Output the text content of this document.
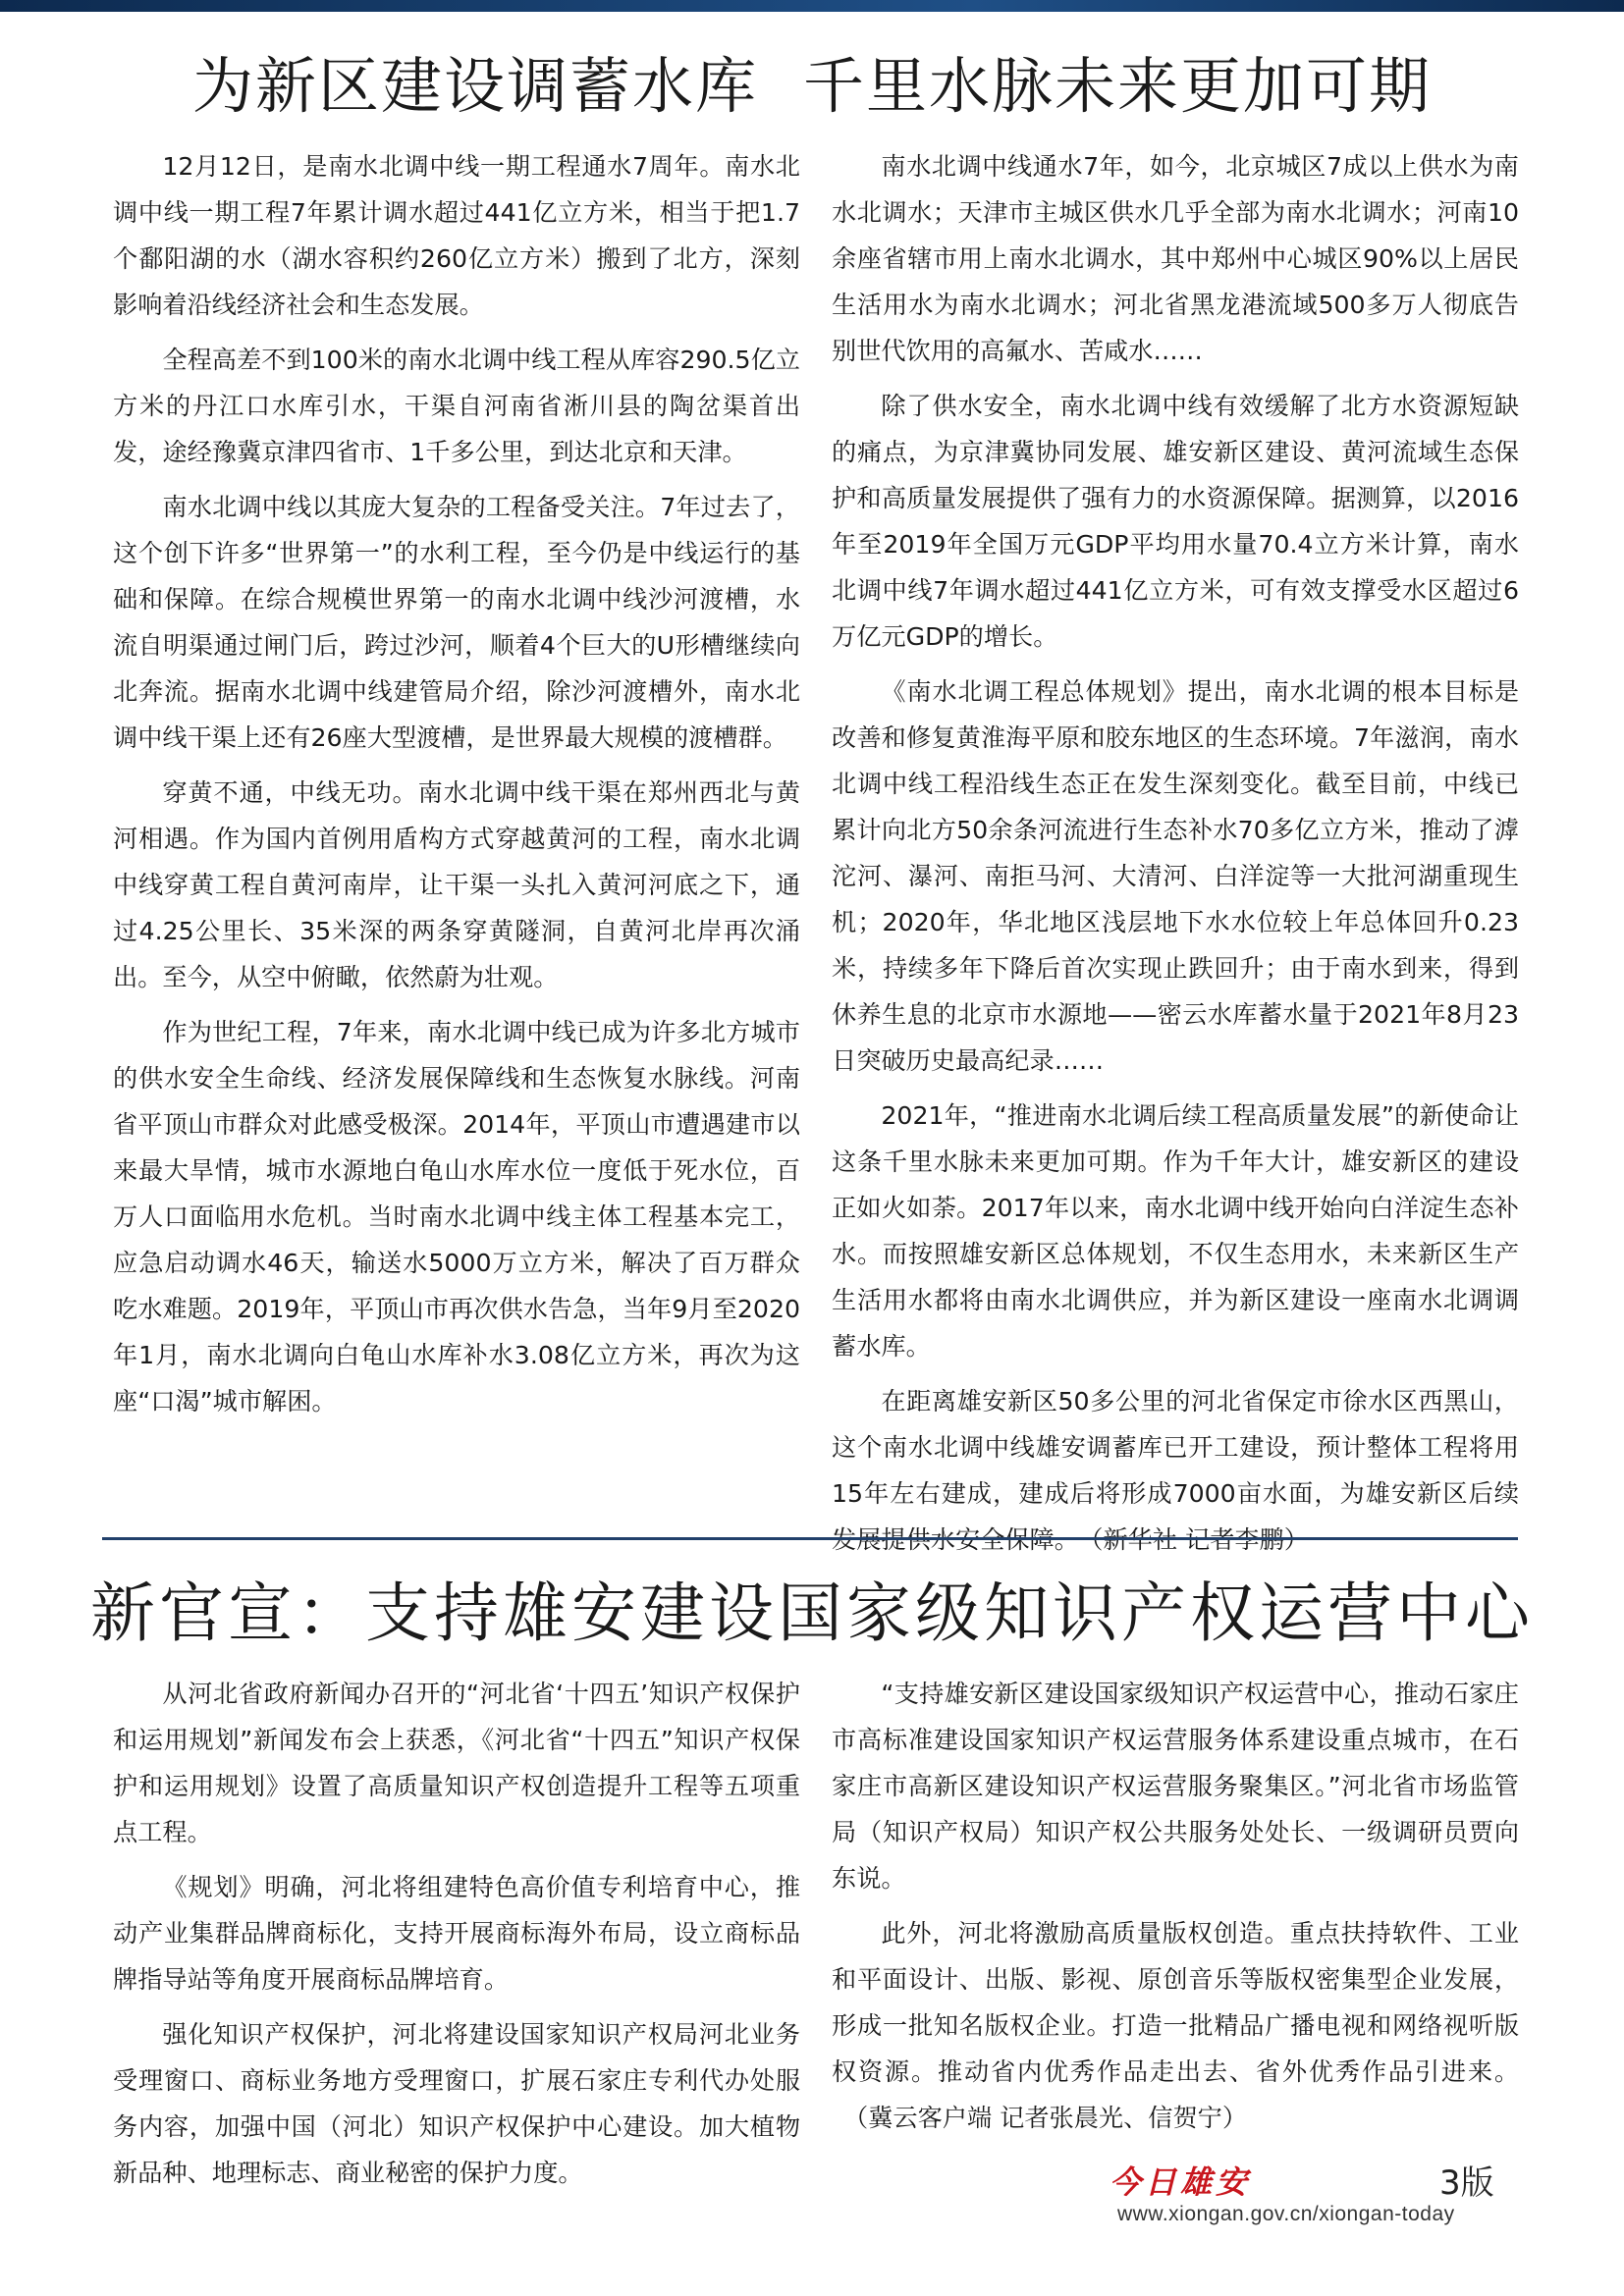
为新区建设调蓄水库 千里水脉未来更加可期

12月12日，是南水北调中线一期工程通水7周年。南水北调中线一期工程7年累计调水超过441亿立方米，相当于把1.7个鄱阳湖的水（湖水容积约260亿立方米）搬到了北方，深刻影响着沿线经济社会和生态发展。

全程高差不到100米的南水北调中线工程从库容290.5亿立方米的丹江口水库引水，干渠自河南省淅川县的陶岔渠首出发，途经豫冀京津四省市、1千多公里，到达北京和天津。

南水北调中线以其庞大复杂的工程备受关注。7年过去了，这个创下许多“世界第一”的水利工程，至今仍是中线运行的基础和保障。在综合规模世界第一的南水北调中线沙河渡槽，水流自明渠通过闸门后，跨过沙河，顺着4个巨大的U形槽继续向北奔流。据南水北调中线建管局介绍，除沙河渡槽外，南水北调中线干渠上还有26座大型渡槽，是世界最大规模的渡槽群。

穿黄不通，中线无功。南水北调中线干渠在郑州西北与黄河相遇。作为国内首例用盾构方式穿越黄河的工程，南水北调中线穿黄工程自黄河南岸，让干渠一头扎入黄河河底之下，通过4.25公里长、35米深的两条穿黄隧洞，自黄河北岸再次涌出。至今，从空中俯瞰，依然蔚为壮观。

作为世纪工程，7年来，南水北调中线已成为许多北方城市的供水安全生命线、经济发展保障线和生态恢复水脉线。河南省平顶山市群众对此感受极深。2014年，平顶山市遭遇建市以来最大旱情，城市水源地白龟山水库水位一度低于死水位，百万人口面临用水危机。当时南水北调中线主体工程基本完工，应急启动调水46天，输送水5000万立方米，解决了百万群众吃水难题。2019年，平顶山市再次供水告急，当年9月至2020年1月，南水北调向白龟山水库补水3.08亿立方米，再次为这座“口渴”城市解困。

南水北调中线通水7年，如今，北京城区7成以上供水为南水北调水；天津市主城区供水几乎全部为南水北调水；河南10余座省辖市用上南水北调水，其中郑州中心城区90%以上居民生活用水为南水北调水；河北省黑龙港流域500多万人彻底告别世代饮用的高氟水、苦咸水……

除了供水安全，南水北调中线有效缓解了北方水资源短缺的痛点，为京津冀协同发展、雄安新区建设、黄河流域生态保护和高质量发展提供了强有力的水资源保障。据测算，以2016年至2019年全国万元GDP平均用水量70.4立方米计算，南水北调中线7年调水超过441亿立方米，可有效支撑受水区超过6万亿元GDP的增长。

《南水北调工程总体规划》提出，南水北调的根本目标是改善和修复黄淮海平原和胶东地区的生态环境。7年滋润，南水北调中线工程沿线生态正在发生深刻变化。截至目前，中线已累计向北方50余条河流进行生态补水70多亿立方米，推动了滹沱河、瀑河、南拒马河、大清河、白洋淀等一大批河湖重现生机；2020年，华北地区浅层地下水水位较上年总体回升0.23米，持续多年下降后首次实现止跌回升；由于南水到来，得到休养生息的北京市水源地——密云水库蓄水量于2021年8月23日突破历史最高纪录……

2021年，“推进南水北调后续工程高质量发展”的新使命让这条千里水脉未来更加可期。作为千年大计，雄安新区的建设正如火如荼。2017年以来，南水北调中线开始向白洋淀生态补水。而按照雄安新区总体规划，不仅生态用水，未来新区生产生活用水都将由南水北调供应，并为新区建设一座南水北调调蓄水库。

在距离雄安新区50多公里的河北省保定市徐水区西黑山，这个南水北调中线雄安调蓄库已开工建设，预计整体工程将用15年左右建成，建成后将形成7000亩水面，为雄安新区后续发展提供水安全保障。 （新华社 记者李鹏）

新官宣：支持雄安建设国家级知识产权运营中心

从河北省政府新闻办召开的“河北省‘十四五’知识产权保护和运用规划”新闻发布会上获悉，《河北省“十四五”知识产权保护和运用规划》设置了高质量知识产权创造提升工程等五项重点工程。

《规划》明确，河北将组建特色高价值专利培育中心，推动产业集群品牌商标化，支持开展商标海外布局，设立商标品牌指导站等角度开展商标品牌培育。

强化知识产权保护，河北将建设国家知识产权局河北业务受理窗口、商标业务地方受理窗口，扩展石家庄专利代办处服务内容，加强中国（河北）知识产权保护中心建设。加大植物新品种、地理标志、商业秘密的保护力度。

“支持雄安新区建设国家级知识产权运营中心，推动石家庄市高标准建设国家知识产权运营服务体系建设重点城市，在石家庄市高新区建设知识产权运营服务聚集区。”河北省市场监管局（知识产权局）知识产权公共服务处处长、一级调研员贾向东说。

此外，河北将激励高质量版权创造。重点扶持软件、工业和平面设计、出版、影视、原创音乐等版权密集型企业发展，形成一批知名版权企业。打造一批精品广播电视和网络视听版权资源。推动省内优秀作品走出去、省外优秀作品引进来。（冀云客户端 记者张晨光、信贺宁）

今日雄安	3版
www.xiongan.gov.cn/xiongan-today
